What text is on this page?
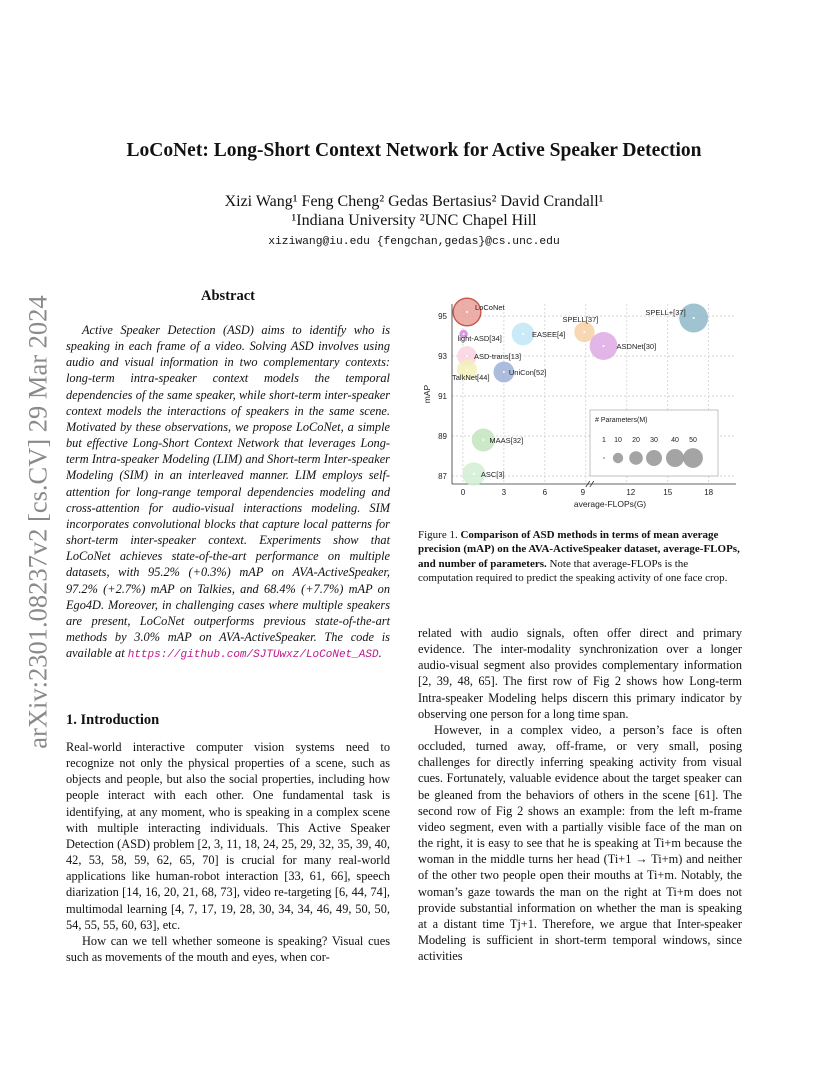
arXiv:2301.08237v2 [cs.CV] 29 Mar 2024
LoCoNet: Long-Short Context Network for Active Speaker Detection
Xizi Wang¹ Feng Cheng² Gedas Bertasius² David Crandall¹
¹Indiana University ²UNC Chapel Hill
xiziwang@iu.edu {fengchan,gedas}@cs.unc.edu
Abstract

Active Speaker Detection (ASD) aims to identify who is speaking in each frame of a video. Solving ASD involves using audio and visual information in two complementary contexts: long-term intra-speaker context models the temporal dependencies of the same speaker, while short-term inter-speaker context models the interactions of speakers in the same scene. Motivated by these observations, we propose LoCoNet, a simple but effective Long-Short Context Network that leverages Long-term Intra-speaker Modeling (LIM) and Short-term Inter-speaker Modeling (SIM) in an interleaved manner. LIM employs self-attention for long-range temporal dependencies modeling and cross-attention for audio-visual interactions modeling. SIM incorporates convolutional blocks that capture local patterns for short-term inter-speaker context. Experiments show that LoCoNet achieves state-of-the-art performance on multiple datasets, with 95.2% (+0.3%) mAP on AVA-ActiveSpeaker, 97.2% (+2.7%) mAP on Talkies, and 68.4% (+7.7%) mAP on Ego4D. Moreover, in challenging cases where multiple speakers are present, LoCoNet outperforms previous state-of-the-art methods by 3.0% mAP on AVA-ActiveSpeaker. The code is available at https://github.com/SJTUwxz/LoCoNet_ASD.

1. Introduction

Real-world interactive computer vision systems need to recognize not only the physical properties of a scene, such as objects and people, but also the social properties, including how people interact with each other. One fundamental task is identifying, at any moment, who is speaking in a complex scene with multiple interacting individuals. This Active Speaker Detection (ASD) problem [2, 3, 11, 18, 24, 25, 29, 32, 35, 39, 40, 42, 53, 58, 59, 62, 65, 70] is crucial for many real-world applications like human-robot interaction [33, 61, 66], speech diarization [14, 16, 20, 21, 68, 73], video re-targeting [6, 44, 74], multimodal learning [4, 7, 17, 19, 28, 30, 34, 34, 46, 49, 50, 50, 54, 55, 55, 60, 63], etc.

How can we tell whether someone is speaking? Visual cues such as movements of the mouth and eyes, when cor-

0	3	6	9	12	15	18
87
89
91
93
95
average-FLOPs(G)
mAP
# Parameters(M)
1 10 20 30 40 50
LoCoNet
light-ASD[34]	EASEE[4]
SPELL[37]
SPELL+[37]
ASDNet[30]
ASD-trans[13]
UniCon[52]
TalkNet[44]
MAAS[32]
ASC[3]
Figure 1. Comparison of ASD methods in terms of mean average precision (mAP) on the AVA-ActiveSpeaker dataset, average-FLOPs, and number of parameters. Note that average-FLOPs is the computation required to predict the speaking activity of one face crop.

related with audio signals, often offer direct and primary evidence. The inter-modality synchronization over a longer audio-visual segment also provides complementary information [2, 39, 48, 65]. The first row of Fig 2 shows how Long-term Intra-speaker Modeling helps discern this primary indicator by observing one person for a long time span.

However, in a complex video, a person’s face is often occluded, turned away, off-frame, or very small, posing challenges for directly inferring speaking activity from visual cues. Fortunately, valuable evidence about the target speaker can be gleaned from the behaviors of others in the scene [61]. The second row of Fig 2 shows an example: from the left m-frame video segment, even with a partially visible face of the man on the right, it is easy to see that he is speaking at Ti+m because the woman in the middle turns her head (Ti+1 → Ti+m) and neither of the other two people open their mouths at Ti+m. Notably, the woman’s gaze towards the man on the right at Ti+m does not provide substantial information on whether the man is speaking at a distant time Tj+1. Therefore, we argue that Inter-speaker Modeling is sufficient in short-term temporal windows, since activities
